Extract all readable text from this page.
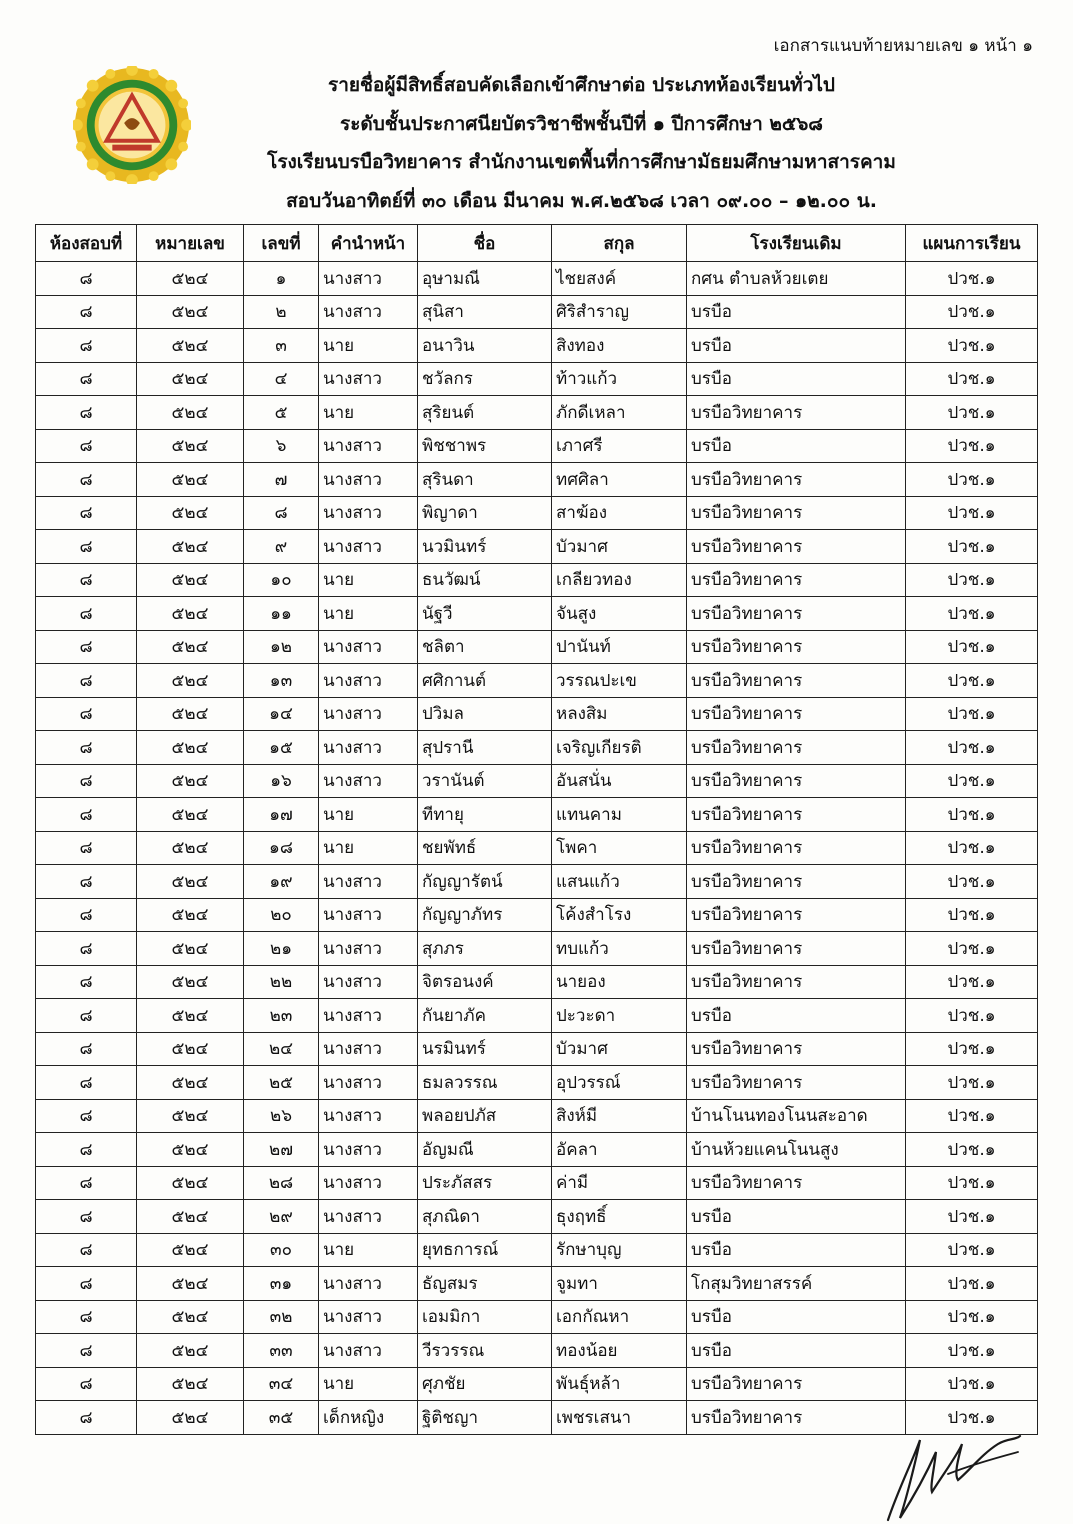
เอกสารแนบท้ายหมายเลข ๑ หน้า ๑
รายชื่อผู้มีสิทธิ์สอบคัดเลือกเข้าศึกษาต่อ ประเภทห้องเรียนทั่วไป
ระดับชั้นประกาศนียบัตรวิชาชีพชั้นปีที่ ๑ ปีการศึกษา ๒๕๖๘
โรงเรียนบรบือวิทยาคาร สำนักงานเขตพื้นที่การศึกษามัธยมศึกษามหาสารคาม
สอบวันอาทิตย์ที่ ๓๐ เดือน มีนาคม พ.ศ.๒๕๖๘ เวลา ๐๙.๐๐ – ๑๒.๐๐ น.
ห้องสอบที่	หมายเลข	เลขที่	คำนำหน้า	ชื่อ	สกุล	โรงเรียนเดิม	แผนการเรียน
๘	๕๒๔	๑	นางสาว	อุษามณี	ไชยสงค์	กศน ตำบลห้วยเตย	ปวช.๑
๘	๕๒๔	๒	นางสาว	สุนิสา	ศิริสำราญ	บรบือ	ปวช.๑
๘	๕๒๔	๓	นาย	อนาวิน	สิงทอง	บรบือ	ปวช.๑
๘	๕๒๔	๔	นางสาว	ชวัลกร	ท้าวแก้ว	บรบือ	ปวช.๑
๘	๕๒๔	๕	นาย	สุริยนต์	ภักดีเหลา	บรบือวิทยาคาร	ปวช.๑
๘	๕๒๔	๖	นางสาว	พิชชาพร	เภาศรี	บรบือ	ปวช.๑
๘	๕๒๔	๗	นางสาว	สุรินดา	ทศศิลา	บรบือวิทยาคาร	ปวช.๑
๘	๕๒๔	๘	นางสาว	พิญาดา	สาฆ้อง	บรบือวิทยาคาร	ปวช.๑
๘	๕๒๔	๙	นางสาว	นวมินทร์	บัวมาศ	บรบือวิทยาคาร	ปวช.๑
๘	๕๒๔	๑๐	นาย	ธนวัฒน์	เกลียวทอง	บรบือวิทยาคาร	ปวช.๑
๘	๕๒๔	๑๑	นาย	นัฐวี	จันสูง	บรบือวิทยาคาร	ปวช.๑
๘	๕๒๔	๑๒	นางสาว	ชลิตา	ปานันท์	บรบือวิทยาคาร	ปวช.๑
๘	๕๒๔	๑๓	นางสาว	ศศิกานต์	วรรณปะเข	บรบือวิทยาคาร	ปวช.๑
๘	๕๒๔	๑๔	นางสาว	ปวิมล	หลงสิม	บรบือวิทยาคาร	ปวช.๑
๘	๕๒๔	๑๕	นางสาว	สุปรานี	เจริญเกียรติ	บรบือวิทยาคาร	ปวช.๑
๘	๕๒๔	๑๖	นางสาว	วรานันต์	อันสนั่น	บรบือวิทยาคาร	ปวช.๑
๘	๕๒๔	๑๗	นาย	ทีทายุ	แทนคาม	บรบือวิทยาคาร	ปวช.๑
๘	๕๒๔	๑๘	นาย	ชยพัทธ์	โพคา	บรบือวิทยาคาร	ปวช.๑
๘	๕๒๔	๑๙	นางสาว	กัญญารัตน์	แสนแก้ว	บรบือวิทยาคาร	ปวช.๑
๘	๕๒๔	๒๐	นางสาว	กัญญาภัทร	โค้งสำโรง	บรบือวิทยาคาร	ปวช.๑
๘	๕๒๔	๒๑	นางสาว	สุภภร	ทบแก้ว	บรบือวิทยาคาร	ปวช.๑
๘	๕๒๔	๒๒	นางสาว	จิตรอนงค์	นายอง	บรบือวิทยาคาร	ปวช.๑
๘	๕๒๔	๒๓	นางสาว	กันยาภัค	ปะวะดา	บรบือ	ปวช.๑
๘	๕๒๔	๒๔	นางสาว	นรมินทร์	บัวมาศ	บรบือวิทยาคาร	ปวช.๑
๘	๕๒๔	๒๕	นางสาว	ธมลวรรณ	อุปวรรณ์	บรบือวิทยาคาร	ปวช.๑
๘	๕๒๔	๒๖	นางสาว	พลอยปภัส	สิงห์มี	บ้านโนนทองโนนสะอาด	ปวช.๑
๘	๕๒๔	๒๗	นางสาว	อัญมณี	อัคลา	บ้านห้วยแคนโนนสูง	ปวช.๑
๘	๕๒๔	๒๘	นางสาว	ประภัสสร	ค่ามี	บรบือวิทยาคาร	ปวช.๑
๘	๕๒๔	๒๙	นางสาว	สุภณิดา	ธุงฤทธิ์	บรบือ	ปวช.๑
๘	๕๒๔	๓๐	นาย	ยุทธการณ์	รักษาบุญ	บรบือ	ปวช.๑
๘	๕๒๔	๓๑	นางสาว	ธัญสมร	จูมทา	โกสุมวิทยาสรรค์	ปวช.๑
๘	๕๒๔	๓๒	นางสาว	เอมมิกา	เอกกัณหา	บรบือ	ปวช.๑
๘	๕๒๔	๓๓	นางสาว	วีรวรรณ	ทองน้อย	บรบือ	ปวช.๑
๘	๕๒๔	๓๔	นาย	ศุภชัย	พันธุ์หล้า	บรบือวิทยาคาร	ปวช.๑
๘	๕๒๔	๓๕	เด็กหญิง	ฐิติชญา	เพชรเสนา	บรบือวิทยาคาร	ปวช.๑
